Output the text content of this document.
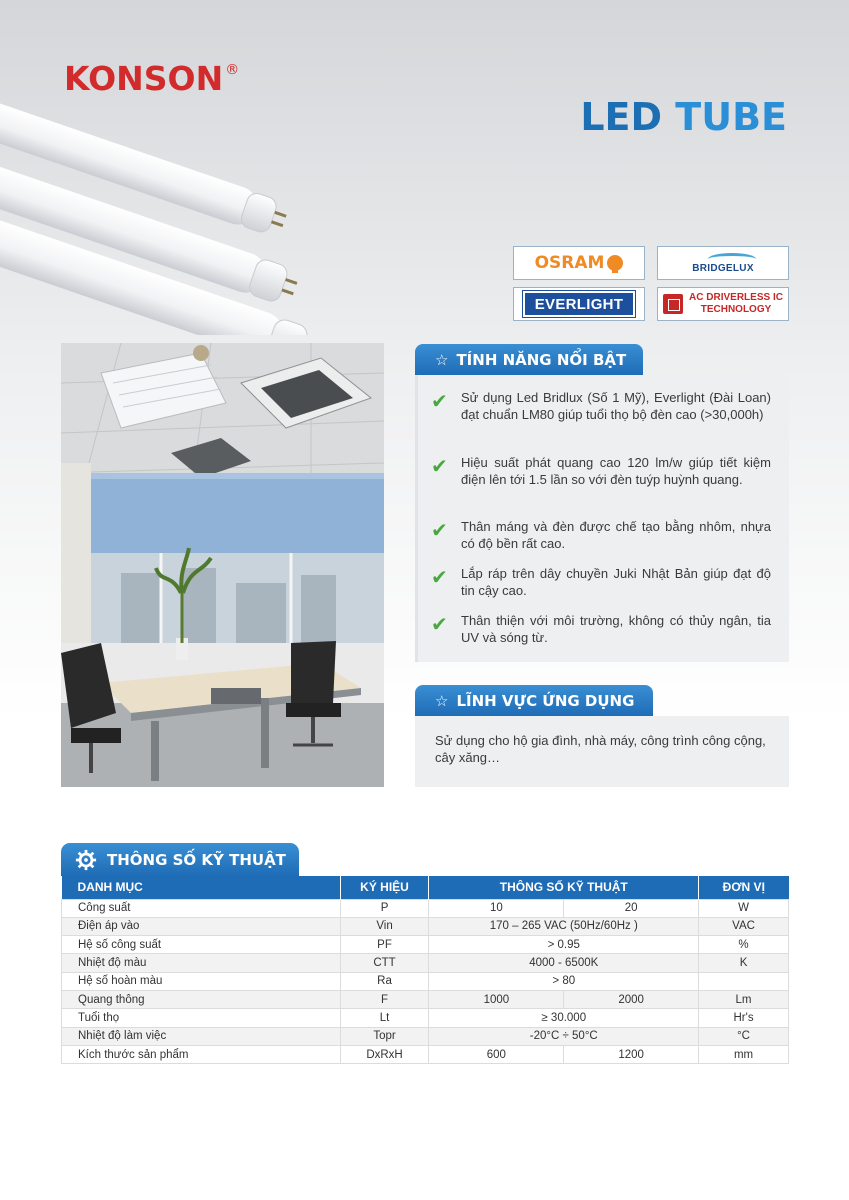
KONSON ®
LED TUBE
OSRAM	BRIDGELUX
EVERLIGHT	AC DRIVERLESS IC
TECHNOLOGY
☆ TÍNH NĂNG NỔI BẬT
✔	Sử dụng Led Bridlux (Số 1 Mỹ), Everlight (Đài Loan) đạt chuẩn LM80 giúp tuổi thọ bộ đèn cao (>30,000h)
✔	Hiệu suất phát quang cao 120 lm/w giúp tiết kiệm điện lên tới 1.5 lần so với đèn tuýp huỳnh quang.
✔	Thân máng và đèn được chế tạo bằng nhôm, nhựa có độ bền rất cao.
✔	Lắp ráp trên dây chuyền Juki Nhật Bản giúp đạt độ tin cậy cao.
✔	Thân thiện với môi trường, không có thủy ngân, tia UV và sóng từ.
☆ LĨNH VỰC ỨNG DỤNG
Sử dụng cho hộ gia đình, nhà máy, công trình công cộng, cây xăng…
THÔNG SỐ KỸ THUẬT
DANH MỤC	KÝ HIỆU	THÔNG SỐ KỸ THUẬT		ĐƠN VỊ
Công suất	P	10	20	W
Điện áp vào	Vin	170 – 265 VAC (50Hz/60Hz )		VAC
Hệ số công suất	PF	> 0.95		%
Nhiệt độ màu	CTT	4000 - 6500K		K
Hệ số hoàn màu	Ra	> 80		
Quang thông	F	1000	2000	Lm
Tuổi thọ	Lt	≥ 30.000		Hr's
Nhiệt độ làm việc	Topr	-20°C ÷ 50°C		°C
Kích thước sản phẩm	DxRxH	600	1200	mm
